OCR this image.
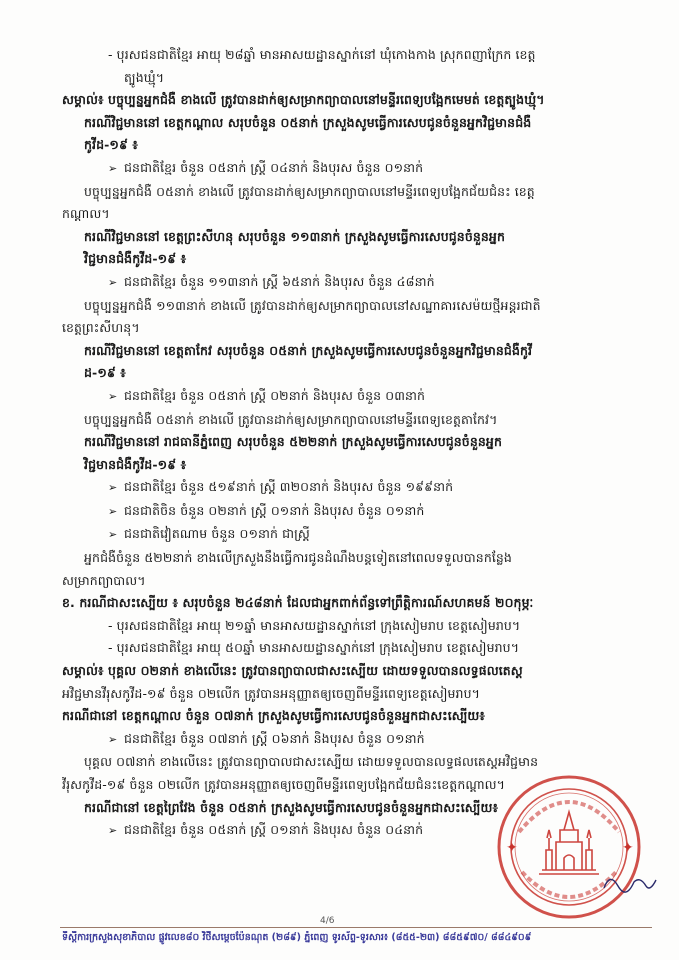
- បុរសជនជាតិខ្មែរ អាយុ ២៨ឆ្នាំ មានអាសយដ្ឋានស្នាក់នៅ ឃុំកោងកាង ស្រុកពញាក្រែក ខេត្ត
ត្បូងឃ្មុំ។
សម្គាល់៖ បច្ចុប្បន្នអ្នកជំងឺ ខាងលើ ត្រូវបានដាក់ឲ្យសម្រាកព្យាបាលនៅមន្ទីរពេទ្យបង្អែកមេមត់ ខេត្តត្បូងឃ្មុំ។
ករណីវិជ្ជមាននៅ ខេត្តកណ្តាល សរុបចំនួន ០៥នាក់ ក្រសួងសូមធ្វើការសេបជូនចំនួនអ្នកវិជ្ជមានជំងឺ
កូវីដ-១៩ ៖
➢ ជនជាតិខ្មែរ ចំនួន ០៥នាក់ ស្ត្រី ០៤នាក់ និងបុរស ចំនួន ០១នាក់
បច្ចុប្បន្នអ្នកជំងឺ ០៥នាក់ ខាងលើ ត្រូវបានដាក់ឲ្យសម្រាកព្យាបាលនៅមន្ទីរពេទ្យបង្អែកជ័យជំនះ ខេត្ត
កណ្តាល។
ករណីវិជ្ជមាននៅ ខេត្តព្រះសីហនុ សរុបចំនួន ១១៣នាក់ ក្រសួងសូមធ្វើការសេបជូនចំនួនអ្នក
វិជ្ជមានជំងឺកូវីដ-១៩ ៖
➢ ជនជាតិខ្មែរ ចំនួន ១១៣នាក់ ស្ត្រី ៦៥នាក់ និងបុរស ចំនួន ៤៨នាក់
បច្ចុប្បន្នអ្នកជំងឺ ១១៣នាក់ ខាងលើ ត្រូវបានដាក់ឲ្យសម្រាកព្យាបាលនៅសណ្ឋាគារសេម៉យថ្មីអន្តរជាតិ
ខេត្តព្រះសីហនុ។
ករណីវិជ្ជមាននៅ ខេត្តតាកែវ សរុបចំនួន ០៥នាក់ ក្រសួងសូមធ្វើការសេបជូនចំនួនអ្នកវិជ្ជមានជំងឺកូវី
ដ-១៩ ៖
➢ ជនជាតិខ្មែរ ចំនួន ០៥នាក់ ស្ត្រី ០២នាក់ និងបុរស ចំនួន ០៣នាក់
បច្ចុប្បន្នអ្នកជំងឺ ០៥នាក់ ខាងលើ ត្រូវបានដាក់ឲ្យសម្រាកព្យាបាលនៅមន្ទីរពេទ្យខេត្តតាកែវ។
ករណីវិជ្ជមាននៅ រាជធានីភ្នំពេញ សរុបចំនួន ៥២២នាក់ ក្រសួងសូមធ្វើការសេបជូនចំនួនអ្នក
វិជ្ជមានជំងឺកូវីដ-១៩ ៖
➢ ជនជាតិខ្មែរ ចំនួន ៥១៩នាក់ ស្ត្រី ៣២០នាក់ និងបុរស ចំនួន ១៩៩នាក់
➢ ជនជាតិចិន ចំនួន ០២នាក់ ស្ត្រី ០១នាក់ និងបុរស ចំនួន ០១នាក់
➢ ជនជាតិវៀតណាម ចំនួន ០១នាក់ ជាស្ត្រី
អ្នកជំងឺចំនួន ៥២២នាក់ ខាងលើក្រសួងនឹងធ្វើការជូនដំណឹងបន្តទៀតនៅពេលទទួលបានកន្លែង
សម្រាកព្យាបាល។
ខ. ករណីជាសះស្បើយ ៖ សរុបចំនួន ២៤៨នាក់ ដែលជាអ្នកពាក់ព័ន្ធទៅព្រឹត្តិការណ៍សហគមន៍ ២០កុម្ភៈ
- បុរសជនជាតិខ្មែរ អាយុ ២១ឆ្នាំ មានអាសយដ្ឋានស្នាក់នៅ ក្រុងសៀមរាប ខេត្តសៀមរាប។
- បុរសជនជាតិខ្មែរ អាយុ ៥០ឆ្នាំ មានអាសយដ្ឋានស្នាក់នៅ ក្រុងសៀមរាប ខេត្តសៀមរាប។
សម្គាល់៖ បុគ្គល ០២នាក់ ខាងលើនេះ ត្រូវបានព្យាបាលជាសះស្បើយ ដោយទទួលបានលទ្ធផលតេស្ត
អវិជ្ជមានវីរុសកូវីដ-១៩ ចំនួន ០២លើក ត្រូវបានអនុញ្ញាតឲ្យចេញពីមន្ទីរពេទ្យខេត្តសៀមរាប។
ករណីជានៅ ខេត្តកណ្តាល ចំនួន ០៧នាក់ ក្រសួងសូមធ្វើការសេបជូនចំនួនអ្នកជាសះស្បើយ៖
➢ ជនជាតិខ្មែរ ចំនួន ០៧នាក់ ស្ត្រី ០៦នាក់ និងបុរស ចំនួន ០១នាក់
បុគ្គល ០៧នាក់ ខាងលើនេះ ត្រូវបានព្យាបាលជាសះស្បើយ ដោយទទួលបានលទ្ធផលតេស្តអវិជ្ជមាន
វីរុសកូវីដ-១៩ ចំនួន ០២លើក ត្រូវបានអនុញ្ញាតឲ្យចេញពីមន្ទីរពេទ្យបង្អែកជ័យជំនះខេត្តកណ្តាល។
ករណីជានៅ ខេត្តព្រៃវែង ចំនួន ០៥នាក់ ក្រសួងសូមធ្វើការសេបជូនចំនួនអ្នកជាសះស្បើយ៖
➢ ជនជាតិខ្មែរ ចំនួន ០៥នាក់ ស្ត្រី ០១នាក់ និងបុរស ចំនួន ០៤នាក់
✦	✦
4/6
ទីស្តីការក្រសួងសុខាភិបាល ផ្លូវលេខ៨០ វិថីសម្តេចប៉ែនណុត (២៨៩) ភ្នំពេញ ទូរស័ព្ទ-ទូរសារ៖ (៨៥៥-២៣) ៨៨៥៩៧០/ ៨៨៤៩០៩
